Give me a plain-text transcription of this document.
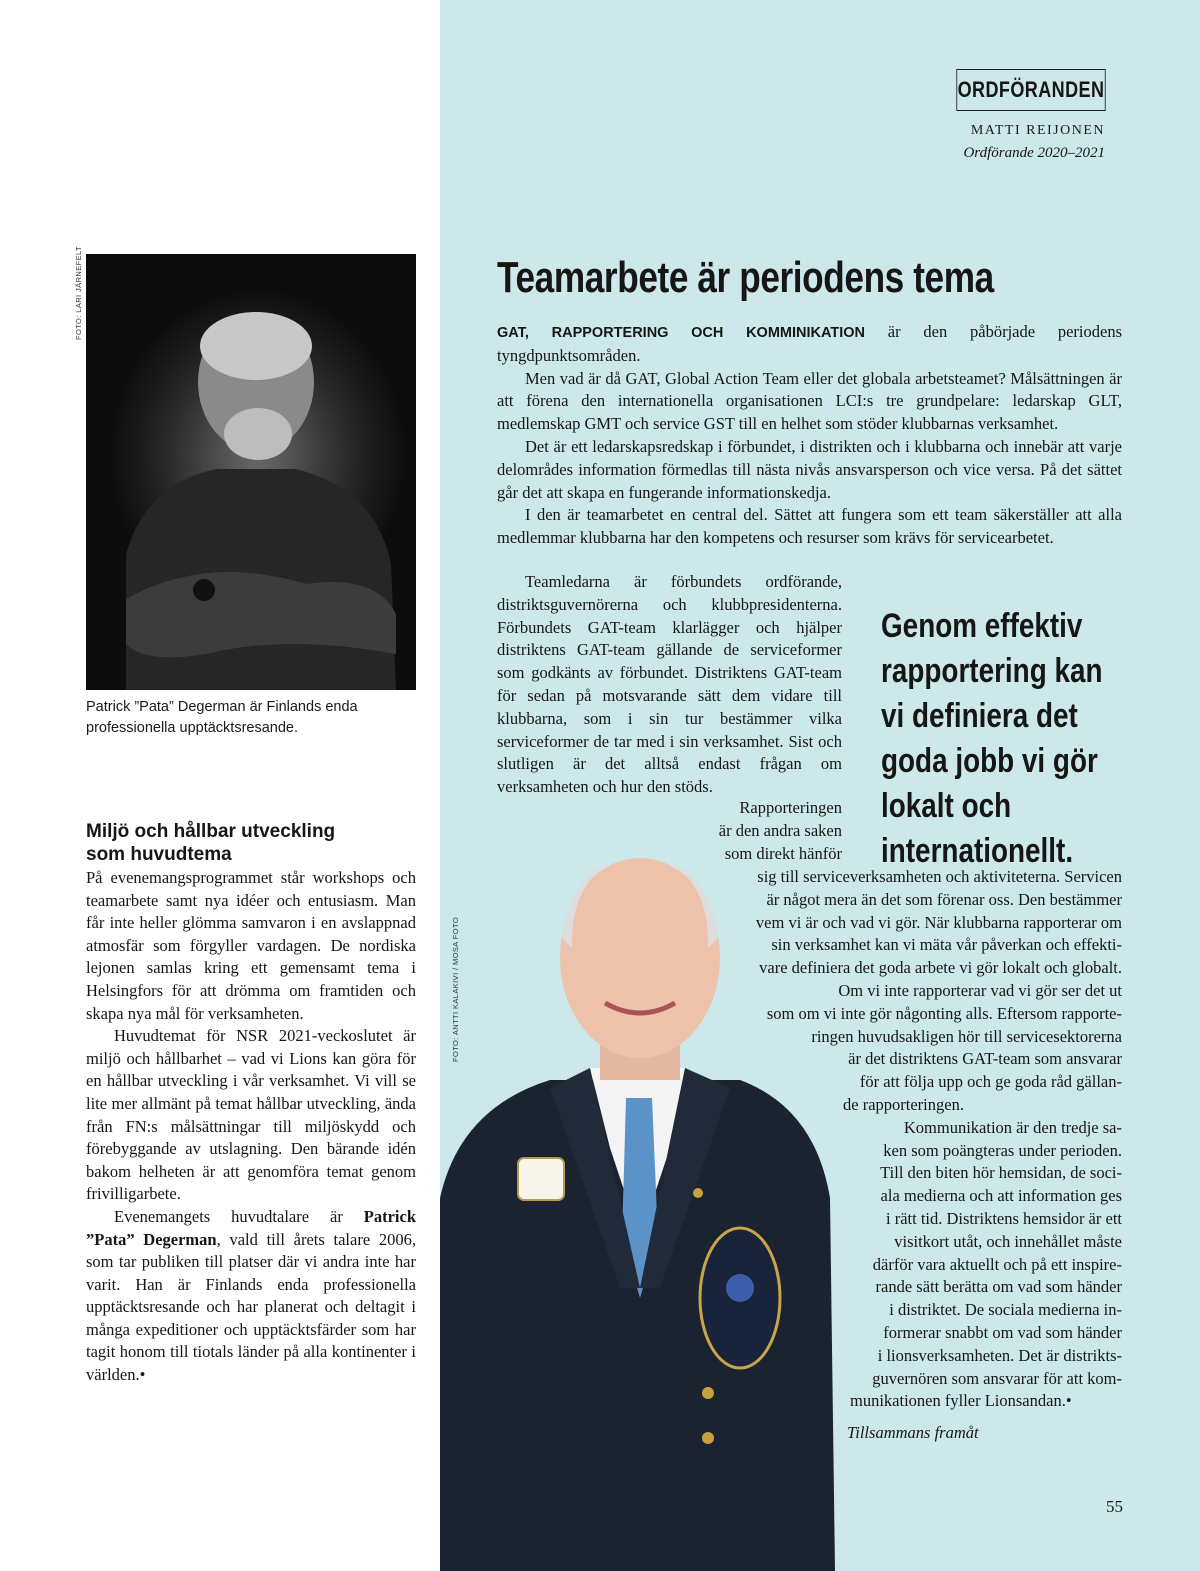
ORDFÖRANDEN
MATTI REIJONEN
Ordförande 2020–2021
FOTO: LARI JÄRNEFELT
Patrick ”Pata” Degerman är Finlands enda professionella upptäcktsresande.
Miljö och hållbar utveckling
som huvudtema

På evenemangsprogrammet står workshops och teamarbete samt nya idéer och entusiasm. Man får inte heller glömma samvaron i en avslappnad atmosfär som förgyller vardagen. De nordiska lejonen samlas kring ett gemensamt tema i Helsingfors för att drömma om framtiden och skapa nya mål för verksamheten.

Huvudtemat för NSR 2021-veckoslutet är miljö och hållbarhet – vad vi Lions kan göra för en hållbar utveckling i vår verksamhet. Vi vill se lite mer allmänt på temat hållbar utveckling, ända från FN:s målsättningar till miljöskydd och förebyggande av utslagning. Den bärande idén bakom helheten är att genomföra temat genom frivilligarbete.

Evenemangets huvudtalare är Patrick ”Pata” Degerman, vald till årets talare 2006, som tar publiken till platser där vi andra inte har varit. Han är Finlands enda professionella upptäcktsresande och har planerat och deltagit i många expeditioner och upptäcktsfärder som har tagit honom till tiotals länder på alla kontinenter i världen.•

Teamarbete är periodens tema

GAT, RAPPORTERING OCH KOMMINIKATION är den påbörjade periodens tyngdpunktsområden.

Men vad är då GAT, Global Action Team eller det globala arbetsteamet? Målsättningen är att förena den internationella organisationen LCI:s tre grundpelare: ledarskap GLT, medlemskap GMT och service GST till en helhet som stöder klubbarnas verksamhet.

Det är ett ledarskapsredskap i förbundet, i distrikten och i klubbarna och innebär att varje delområdes information förmedlas till nästa nivås ansvarsperson och vice versa. På det sättet går det att skapa en fungerande informationskedja.

I den är teamarbetet en central del. Sättet att fungera som ett team säkerställer att alla medlemmar klubbarna har den kompetens och resurser som krävs för servicearbetet.

Teamledarna är förbundets ordförande, distriktsguvernörerna och klubbpresidenterna. Förbundets GAT-team klarlägger och hjälper distriktens GAT-team gällande de serviceformer som godkänts av förbundet. Distriktens GAT-team för sedan på motsvarande sätt dem vidare till klubbarna, som i sin tur bestämmer vilka serviceformer de tar med i sin verksamhet. Sist och slutligen är det alltså endast frågan om verksamheten och hur den stöds.

Genom effektiv rapportering kan vi definiera det goda jobb vi gör lokalt och internationellt.
FOTO: ANTTI KALAKIVI / MOSA FOTO
Rapporteringen
är den andra saken
som direkt hänför
sig till serviceverksamheten och aktiviteterna. Servicen
är något mera än det som förenar oss. Den bestämmer
vem vi är och vad vi gör. När klubbarna rapporterar om
sin verksamhet kan vi mäta vår påverkan och effekti-
vare definiera det goda arbete vi gör lokalt och globalt.
Om vi inte rapporterar vad vi gör ser det ut
som om vi inte gör någonting alls. Eftersom rapporte-
ringen huvudsakligen hör till servicesektorerna
är det distriktens GAT-team som ansvarar
för att följa upp och ge goda råd gällan-
de rapporteringen.
Kommunikation är den tredje sa-
ken som poängteras under perioden.
Till den biten hör hemsidan, de soci-
ala medierna och att information ges
i rätt tid. Distriktens hemsidor är ett
visitkort utåt, och innehållet måste
därför vara aktuellt och på ett inspire-
rande sätt berätta om vad som händer
i distriktet. De sociala medierna in-
formerar snabbt om vad som händer
i lionsverksamheten. Det är distrikts-
guvernören som ansvarar för att kom-
munikationen fyller Lionsandan.•
Tillsammans framåt
55
